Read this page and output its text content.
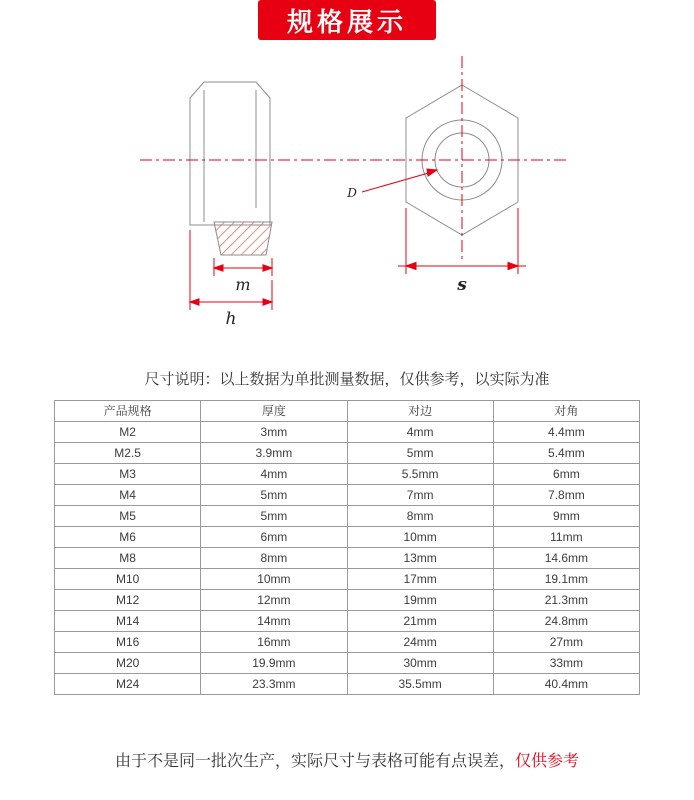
规格展示
m
h
s
D
尺寸说明：以上数据为单批测量数据，仅供参考，以实际为准
产品规格	厚度	对边	对角
M2	3mm	4mm	4.4mm
M2.5	3.9mm	5mm	5.4mm
M3	4mm	5.5mm	6mm
M4	5mm	7mm	7.8mm
M5	5mm	8mm	9mm
M6	6mm	10mm	11mm
M8	8mm	13mm	14.6mm
M10	10mm	17mm	19.1mm
M12	12mm	19mm	21.3mm
M14	14mm	21mm	24.8mm
M16	16mm	24mm	27mm
M20	19.9mm	30mm	33mm
M24	23.3mm	35.5mm	40.4mm
由于不是同一批次生产，实际尺寸与表格可能有点误差，仅供参考
